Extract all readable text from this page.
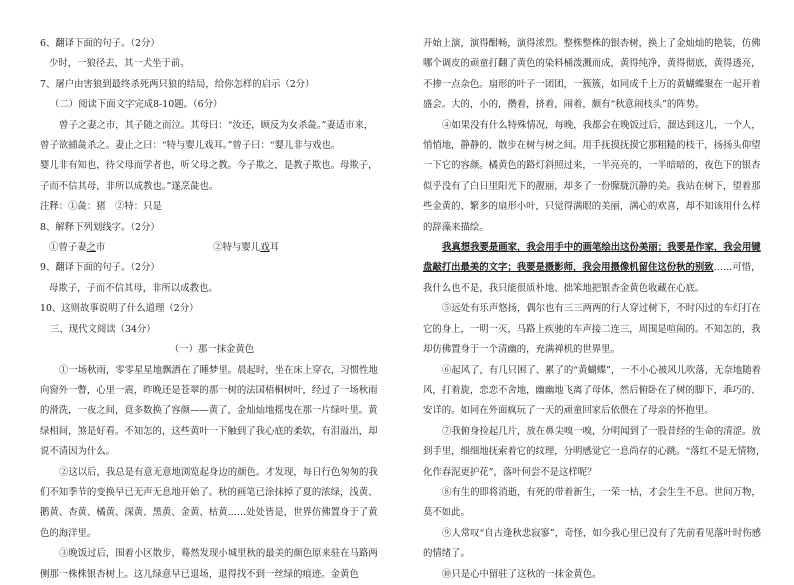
6、翻译下面的句子。（2分）

少时，一狼径去，其一犬坐于前。

7、屠户由害狼到最终杀死两只狼的结局，给你怎样的启示（2分）

（二）阅读下面文字完成8-10题。（6分）

曾子之妻之市，其子随之而泣。其母曰：“汝还，顾反为女杀彘。”妻适市来，

曾子欲捕彘杀之。妻止之曰：“特与婴儿戏耳。”曾子曰：“婴儿非与戏也。

婴儿非有知也，待父母而学者也，听父母之教。今子欺之，是教子欺也。母欺子，

子而不信其母，非所以成教也。”遂烹彘也。

注释：①彘：猪　②特：只是

8、解释下列划线字。（2分）

①曾子妻之市	②特与婴儿戏耳

9、翻译下面的句子。（2分）

母欺子，子而不信其母，非所以成教也。

10、这则故事说明了什么道理（2分）

三、现代文阅读（34分）

（一）那一抹金黄色

①一场秋雨，零零星星地飘洒在了睡梦里。晨起时，坐在床上穿衣，习惯性地向窗外一瞥，心里一震，昨晚还是苍翠的那一树的法国梧桐树叶，经过了一场秋雨的滑洗，一夜之间，竟多数换了容颜——黄了，金灿灿地摇曳在那一片绿叶里。黄绿相间，煞是好看。不知怎的，这些黄叶一下触到了我心底的柔软，有泪溢出，却说不清因为什么。

②这以后，我总是有意无意地浏览起身边的颜色。才发现，每日行色匆匆的我们不知季节的变换早已无声无息地开始了。秋的画笔已涂抹掉了夏的浓绿，浅黄、鹅黄、杏黄、橘黄、深黄、黑黄、金黄、枯黄……处处皆是，世界仿佛置身于了黄色的海洋里。

③晚饭过后，围着小区散步，蓦然发现小城里秋的最美的颜色原来驻在马路两侧那一株株银杏树上。这儿绿意早已退场，退得找不到一丝绿的痕迹。金黄色

开始上演，演得酣畅，演得浓烈。整株整株的银杏树，换上了金灿灿的艳装，仿佛哪个调皮的顽童打翻了黄色的染料桶泼溅而成，黄得纯净，黄得彻底，黄得透亮，不掺一点杂色。扇形的叶子一团团，一簇簇，如同成千上万的黄蝴蝶聚在一起开着盛会。大的，小的，攒着，挤着，闹着，颇有“秋意闹枝头”的阵势。

④如果没有什么特殊情况，每晚，我都会在晚饭过后，溜达到这儿，一个人，悄悄地，静静的，散步在树与树之间。用手抚摸抚摸它那粗糙的枝干，扬扬头仰望一下它的容颜。橘黄色的路灯斜照过来，一半亮亮的，一半暗暗的，夜色下的银杏似乎没有了白日里阳光下的靓丽，却多了一份朦胧沉静的美。我站在树下，望着那些金黄的、繁多的扇形小叶，只觉得满眼的美丽，满心的欢喜，却不知该用什么样的辞藻来描绘。

我真想我要是画家，我会用手中的画笔绘出这份美丽；我要是作家，我会用键盘敲打出最美的文字；我要是摄影师，我会用摄像机留住这份秋的别致……可惜，我什么也不是，我只能很质朴地、拙笨地把银杏金黄色收藏在心底。

⑤远处有乐声悠扬，偶尔也有三三两两的行人穿过树下，不时闪过的车灯打在它的身上，一明一灭，马路上疾驰的车声接二连三，周围是喧闹的。不知怎的，我却仿佛置身于一个清幽的，充满禅机的世界里。

⑥起风了，有几只困了、累了的“黄蝴蝶”，一不小心被风儿吹落，无奈地随着风，打着旋，恋恋不舍地，幽幽地飞离了母体，然后俯卧在了树的脚下，乖巧的、安详的。如同在外面疯玩了一天的顽童回家后依偎在了母亲的怀抱里。

⑦我俯身捡起几片，放在鼻尖嗅一嗅，分明闻到了一股昔经的生命的清涩。放到手里，细细地抚索着它的纹理，分明感觉它一息尚存的心跳。“落红不是无情物，化作春泥更护花”，落叶何尝不是这样呢？

⑧有生的即将消逝，有死的带着新生，一荣一枯，才会生生不息。世间万物，莫不如此。

⑨人常叹“自古逢秋悲寂寥”，奇怪，如今我心里已没有了先前看见落叶时伤感的情绪了。

⑩只是心中留驻了这秋的一抹金黄色。
